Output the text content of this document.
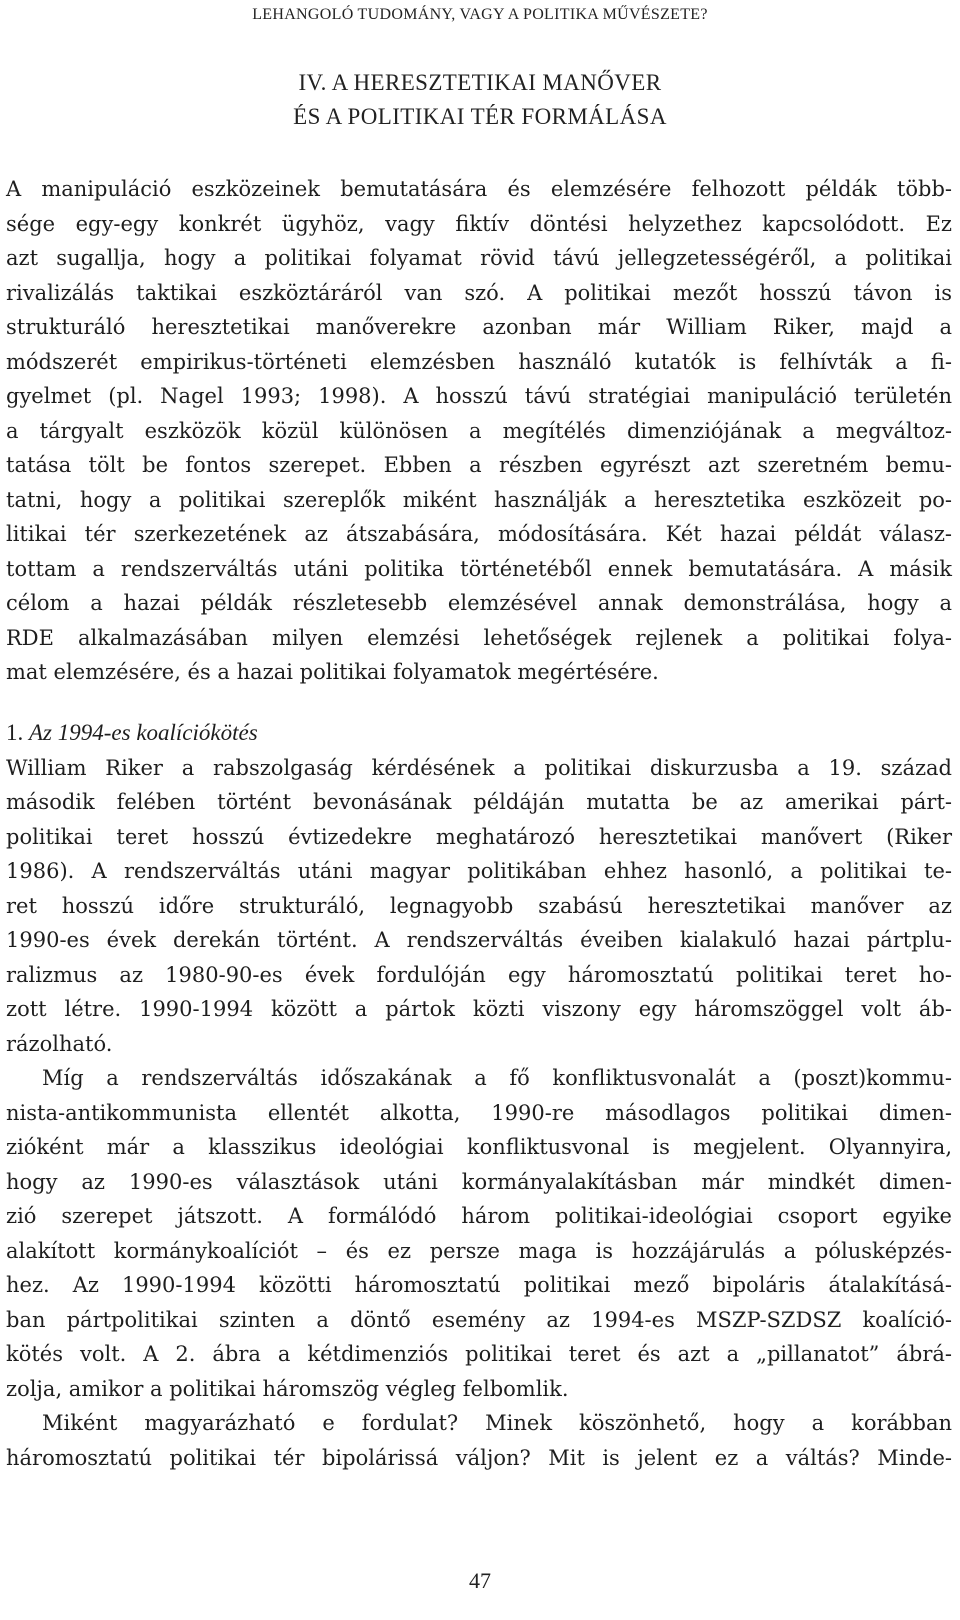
LEHANGOLÓ TUDOMÁNY, VAGY A POLITIKA MŰVÉSZETE?
IV. A HERESZTETIKAI MANŐVER
ÉS A POLITIKAI TÉR FORMÁLÁSA
A manipuláció eszközeinek bemutatására és elemzésére felhozott példák több-
sége egy-egy konkrét ügyhöz, vagy fiktív döntési helyzethez kapcsolódott. Ez
azt sugallja, hogy a politikai folyamat rövid távú jellegzetességéről, a politikai
rivalizálás taktikai eszköztáráról van szó. A politikai mezőt hosszú távon is
strukturáló heresztetikai manőverekre azonban már William Riker, majd a
módszerét empirikus-történeti elemzésben használó kutatók is felhívták a fi-
gyelmet (pl. Nagel 1993; 1998). A hosszú távú stratégiai manipuláció területén
a tárgyalt eszközök közül különösen a megítélés dimenziójának a megváltoz-
tatása tölt be fontos szerepet. Ebben a részben egyrészt azt szeretném bemu-
tatni, hogy a politikai szereplők miként használják a heresztetika eszközeit po-
litikai tér szerkezetének az átszabására, módosítására. Két hazai példát válasz-
tottam a rendszerváltás utáni politika történetéből ennek bemutatására. A másik
célom a hazai példák részletesebb elemzésével annak demonstrálása, hogy a
RDE alkalmazásában milyen elemzési lehetőségek rejlenek a politikai folya-
mat elemzésére, és a hazai politikai folyamatok megértésére.
1. Az 1994-es koalíciókötés
William Riker a rabszolgaság kérdésének a politikai diskurzusba a 19. század
második felében történt bevonásának példáján mutatta be az amerikai párt-
politikai teret hosszú évtizedekre meghatározó heresztetikai manővert (Riker
1986). A rendszerváltás utáni magyar politikában ehhez hasonló, a politikai te-
ret hosszú időre strukturáló, legnagyobb szabású heresztetikai manőver az
1990-es évek derekán történt. A rendszerváltás éveiben kialakuló hazai pártplu-
ralizmus az 1980-90-es évek fordulóján egy háromosztatú politikai teret ho-
zott létre. 1990-1994 között a pártok közti viszony egy háromszöggel volt áb-
rázolható.
Míg a rendszerváltás időszakának a fő konfliktusvonalát a (poszt)kommu-
nista-antikommunista ellentét alkotta, 1990-re másodlagos politikai dimen-
zióként már a klasszikus ideológiai konfliktusvonal is megjelent. Olyannyira,
hogy az 1990-es választások utáni kormányalakításban már mindkét dimen-
zió szerepet játszott. A formálódó három politikai-ideológiai csoport egyike
alakított kormánykoalíciót – és ez persze maga is hozzájárulás a pólusképzés-
hez. Az 1990-1994 közötti háromosztatú politikai mező bipoláris átalakításá-
ban pártpolitikai szinten a döntő esemény az 1994-es MSZP-SZDSZ koalíció-
kötés volt. A 2. ábra a kétdimenziós politikai teret és azt a „pillanatot” ábrá-
zolja, amikor a politikai háromszög végleg felbomlik.
Miként magyarázható e fordulat? Minek köszönhető, hogy a korábban
háromosztatú politikai tér bipolárissá váljon? Mit is jelent ez a váltás? Minde-
47
